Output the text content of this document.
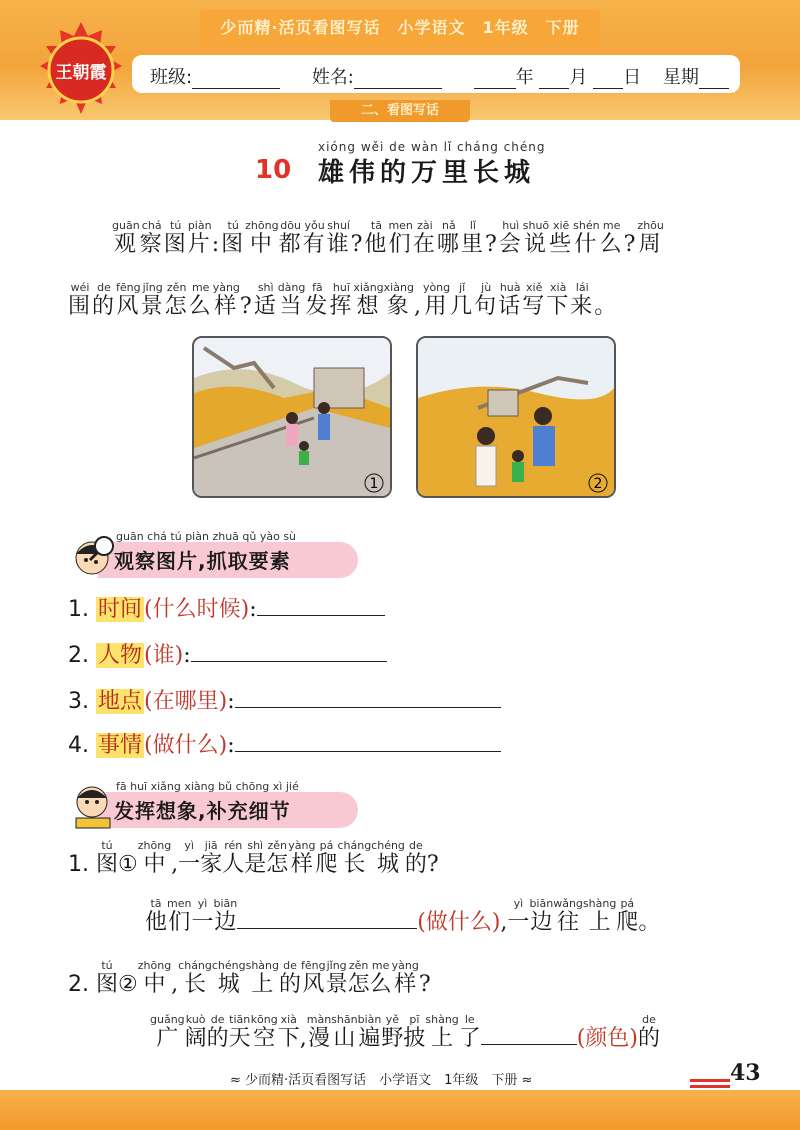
少而精·活页看图写话　小学语文　1年级　下册
王朝霞 班级:	姓名:	年 月 日 星期
二、看图写话
xióng wěi de wàn lǐ cháng chéng
10 雄伟的万里长城
观guān察chá图tú片piàn: 图tú中zhōng都dōu有yǒu谁shuí? 他tā们men在zài哪nǎ里lǐ? 会huì说shuō些xiē什shén么me? 周zhōu
围wéi的de风fēng景jǐng怎zěn么me样yàng? 适shì当dàng发fā挥huī想xiǎng象xiàng, 用yòng几jǐ句jù话huà写xiě下xià来lái。
1	2
guān chá tú piàn zhuā qǔ yào sù
观察图片,抓取要素
1. 时间(什么时候):
2. 人物(谁):
3. 地点(在哪里):
4. 事情(做什么):
fā huī xiǎng xiàng bǔ chōng xì jié
发挥想象,补充细节
1. 图tú① 中zhōng, 一yì家jiā人rén是shì怎zěn样yàng爬pá长cháng城chéng的de?
他tā们men一yì边biān(做什么), 一yì边biān往wǎng上shàng爬pá。
2. 图tú② 中zhōng, 长cháng城chéng上shàng的de风fēng景jǐng怎zěn么me样yàng?
广guǎng阔kuò的de天tiān空kōng下xià, 漫màn山shān遍biàn野yě披pī上shàng了le(颜色)的de
≈ 少而精·活页看图写话　小学语文　1年级　下册 ≈	43
